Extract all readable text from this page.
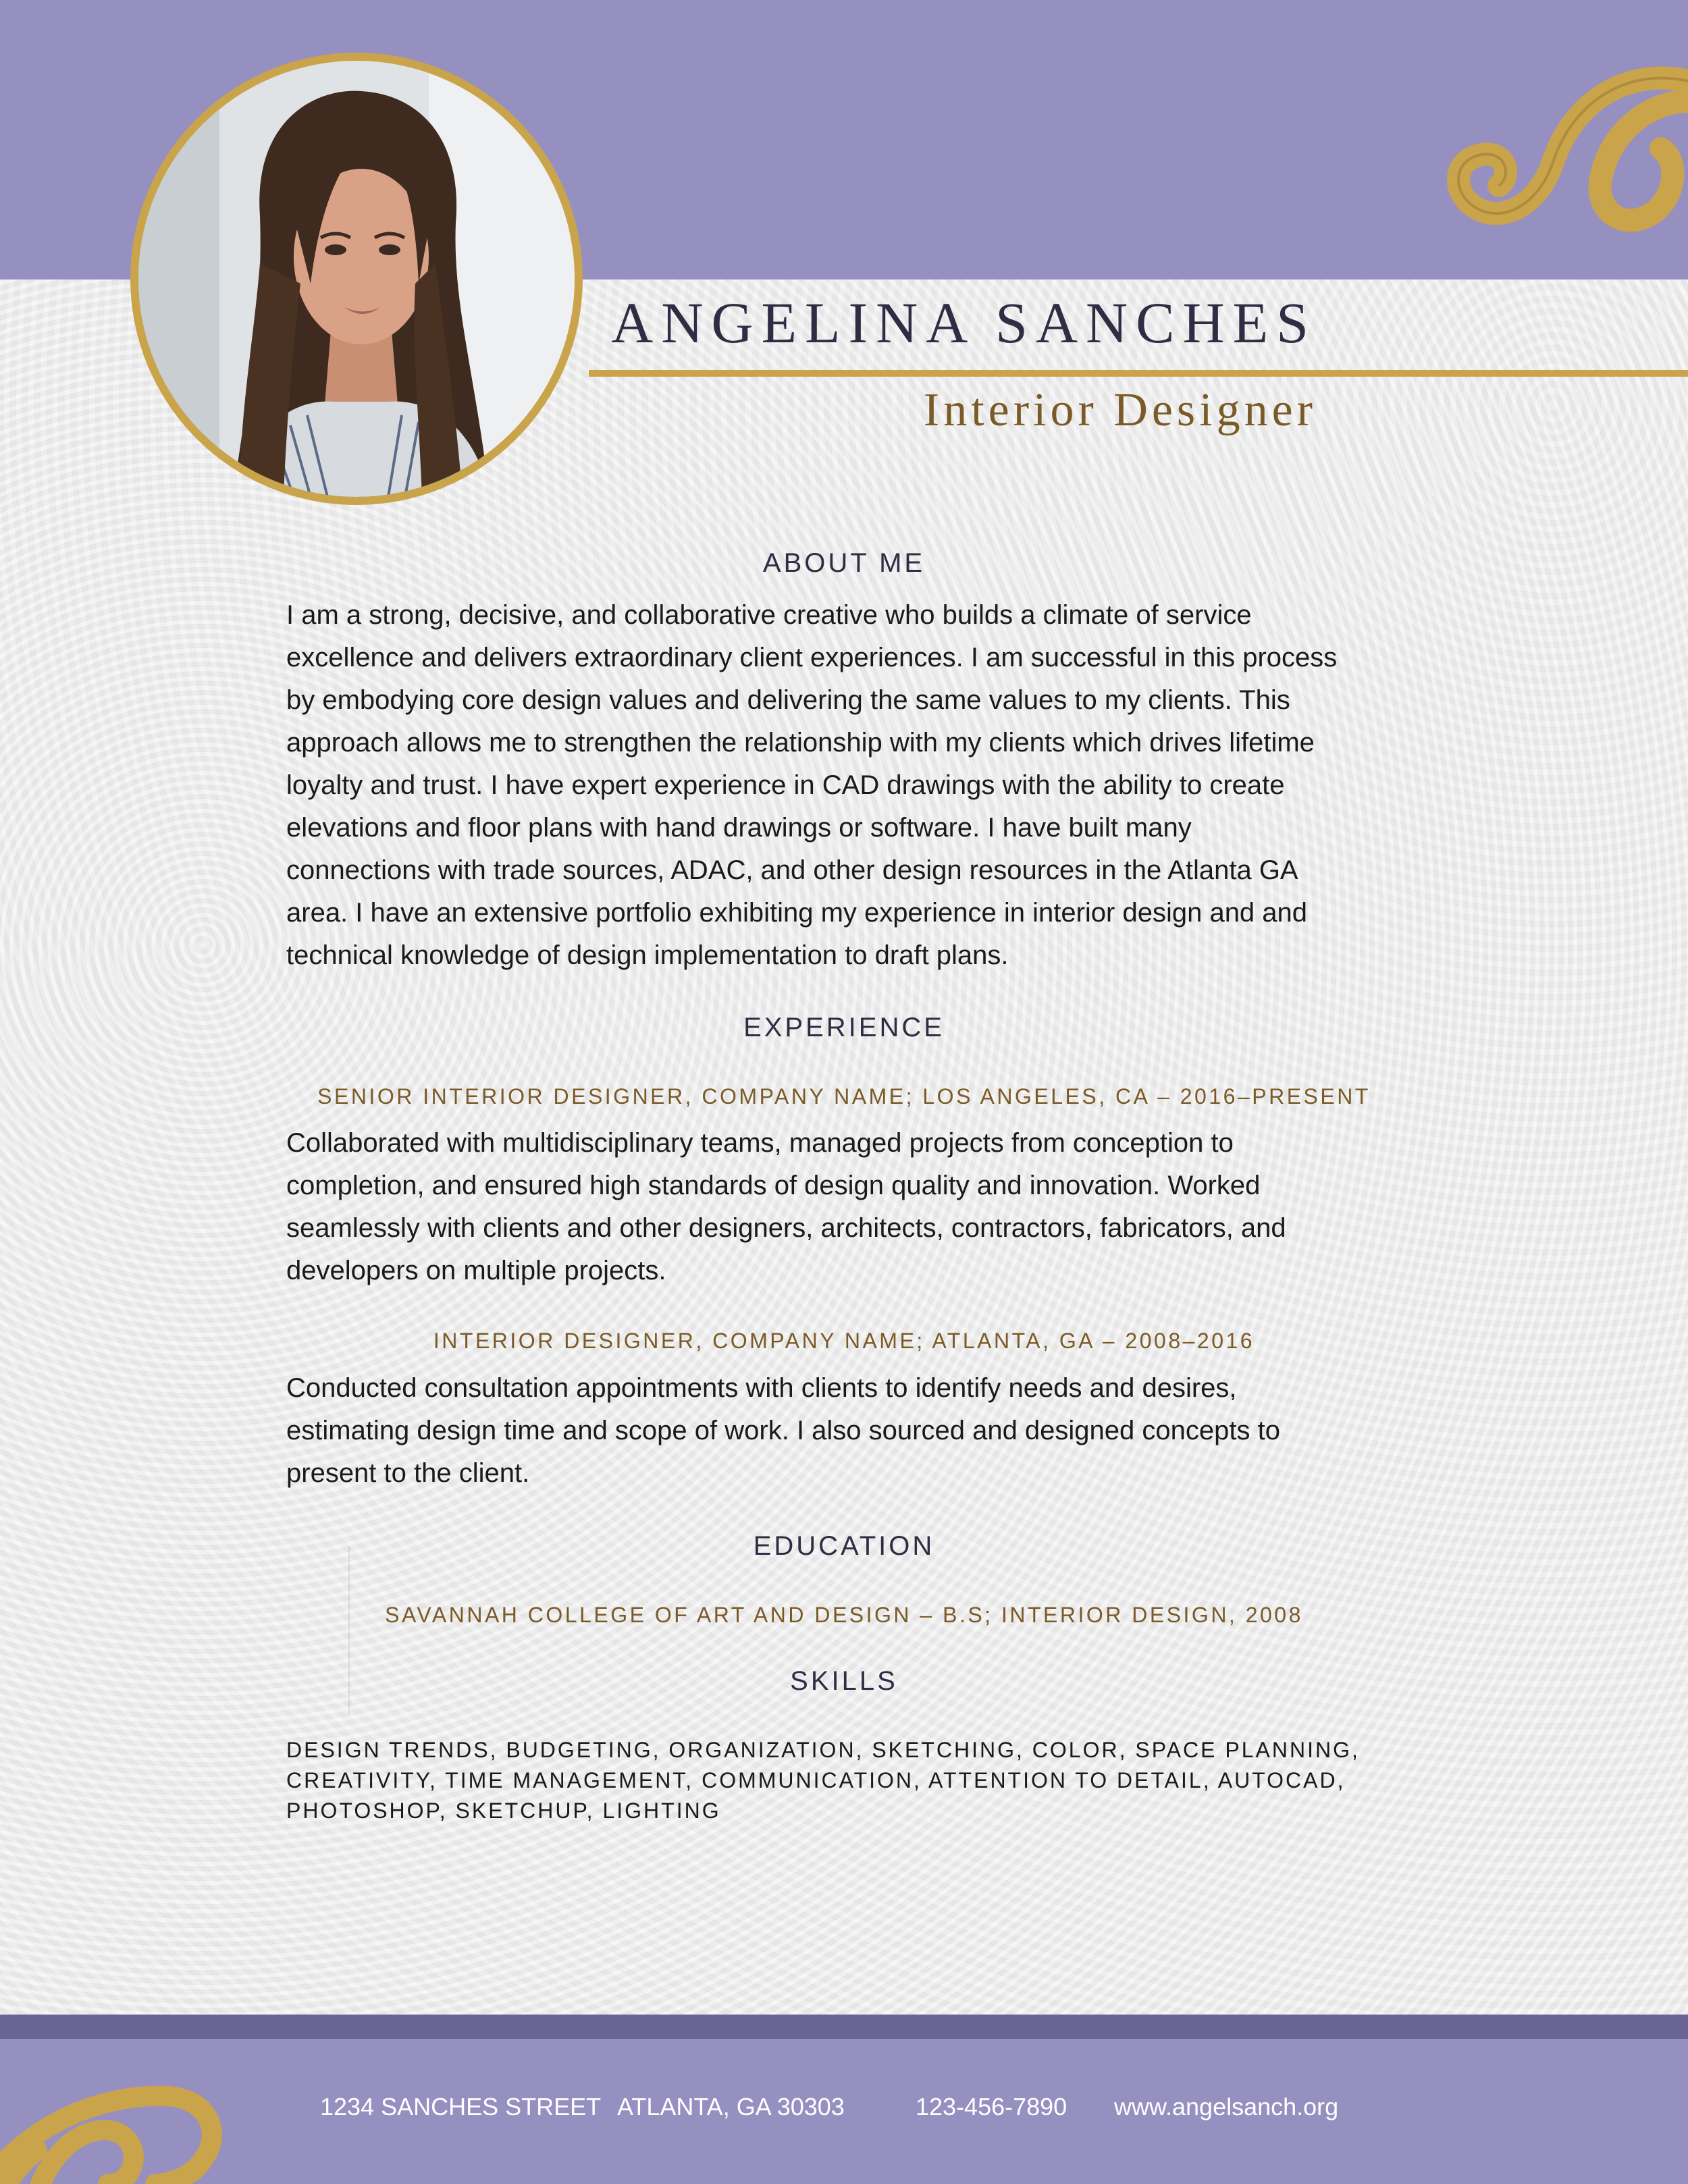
ANGELINA SANCHES
Interior Designer
ABOUT ME
I am a strong, decisive, and collaborative creative who builds a climate of service
excellence and delivers extraordinary client experiences. I am successful in this process
by embodying core design values and delivering the same values to my clients. This
approach allows me to strengthen the relationship with my clients which drives lifetime
loyalty and trust. I have expert experience in CAD drawings with the ability to create
elevations and floor plans with hand drawings or software. I have built many
connections with trade sources, ADAC, and other design resources in the Atlanta GA
area. I have an extensive portfolio exhibiting my experience in interior design and and
technical knowledge of design implementation to draft plans.
EXPERIENCE
SENIOR INTERIOR DESIGNER, COMPANY NAME; LOS ANGELES, CA – 2016–PRESENT
Collaborated with multidisciplinary teams, managed projects from conception to
completion, and ensured high standards of design quality and innovation. Worked
seamlessly with clients and other designers, architects, contractors, fabricators, and
developers on multiple projects.
INTERIOR DESIGNER, COMPANY NAME; ATLANTA, GA – 2008–2016
Conducted consultation appointments with clients to identify needs and desires,
estimating design time and scope of work. I also sourced and designed concepts to
present to the client.
EDUCATION
SAVANNAH COLLEGE OF ART AND DESIGN – B.S; INTERIOR DESIGN, 2008
SKILLS
DESIGN TRENDS, BUDGETING, ORGANIZATION, SKETCHING, COLOR, SPACE PLANNING,
CREATIVITY, TIME MANAGEMENT, COMMUNICATION, ATTENTION TO DETAIL, AUTOCAD,
PHOTOSHOP, SKETCHUP, LIGHTING
1234 SANCHES STREET ATLANTA, GA 30303	123-456-7890 www.angelsanch.org
